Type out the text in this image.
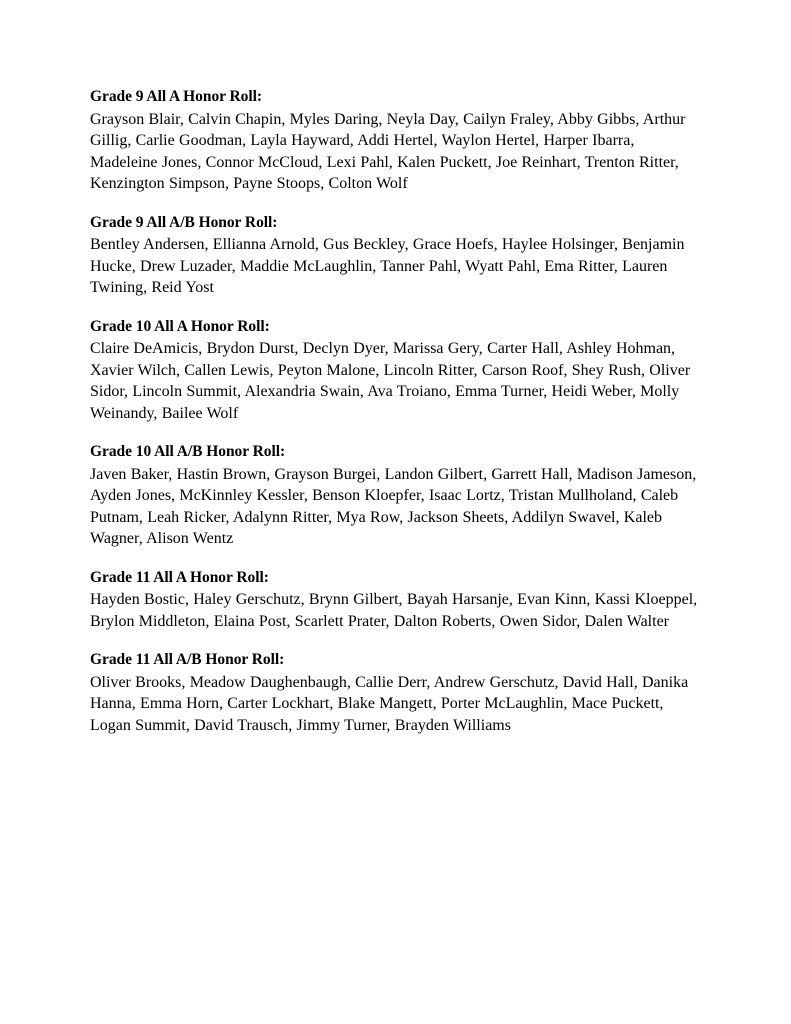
Grade 9 All A Honor Roll:

Grayson Blair, Calvin Chapin, Myles Daring, Neyla Day, Cailyn Fraley, Abby Gibbs, Arthur Gillig, Carlie Goodman, Layla Hayward, Addi Hertel, Waylon Hertel, Harper Ibarra, Madeleine Jones, Connor McCloud, Lexi Pahl, Kalen Puckett, Joe Reinhart, Trenton Ritter, Kenzington Simpson, Payne Stoops, Colton Wolf

Grade 9 All A/B Honor Roll:

Bentley Andersen, Ellianna Arnold, Gus Beckley, Grace Hoefs, Haylee Holsinger, Benjamin Hucke, Drew Luzader, Maddie McLaughlin, Tanner Pahl, Wyatt Pahl, Ema Ritter, Lauren Twining, Reid Yost

Grade 10 All A Honor Roll:

Claire DeAmicis, Brydon Durst, Declyn Dyer, Marissa Gery, Carter Hall, Ashley Hohman, Xavier Wilch, Callen Lewis, Peyton Malone, Lincoln Ritter, Carson Roof, Shey Rush, Oliver Sidor, Lincoln Summit, Alexandria Swain, Ava Troiano, Emma Turner, Heidi Weber, Molly Weinandy, Bailee Wolf

Grade 10 All A/B Honor Roll:

Javen Baker, Hastin Brown, Grayson Burgei, Landon Gilbert, Garrett Hall, Madison Jameson, Ayden Jones, McKinnley Kessler, Benson Kloepfer, Isaac Lortz, Tristan Mullholand, Caleb Putnam, Leah Ricker, Adalynn Ritter, Mya Row, Jackson Sheets, Addilyn Swavel, Kaleb Wagner, Alison Wentz

Grade 11 All A Honor Roll:

Hayden Bostic, Haley Gerschutz, Brynn Gilbert, Bayah Harsanje, Evan Kinn, Kassi Kloeppel, Brylon Middleton, Elaina Post, Scarlett Prater, Dalton Roberts, Owen Sidor, Dalen Walter

Grade 11 All A/B Honor Roll:

Oliver Brooks, Meadow Daughenbaugh, Callie Derr, Andrew Gerschutz, David Hall, Danika Hanna, Emma Horn, Carter Lockhart, Blake Mangett, Porter McLaughlin, Mace Puckett, Logan Summit, David Trausch, Jimmy Turner, Brayden Williams
